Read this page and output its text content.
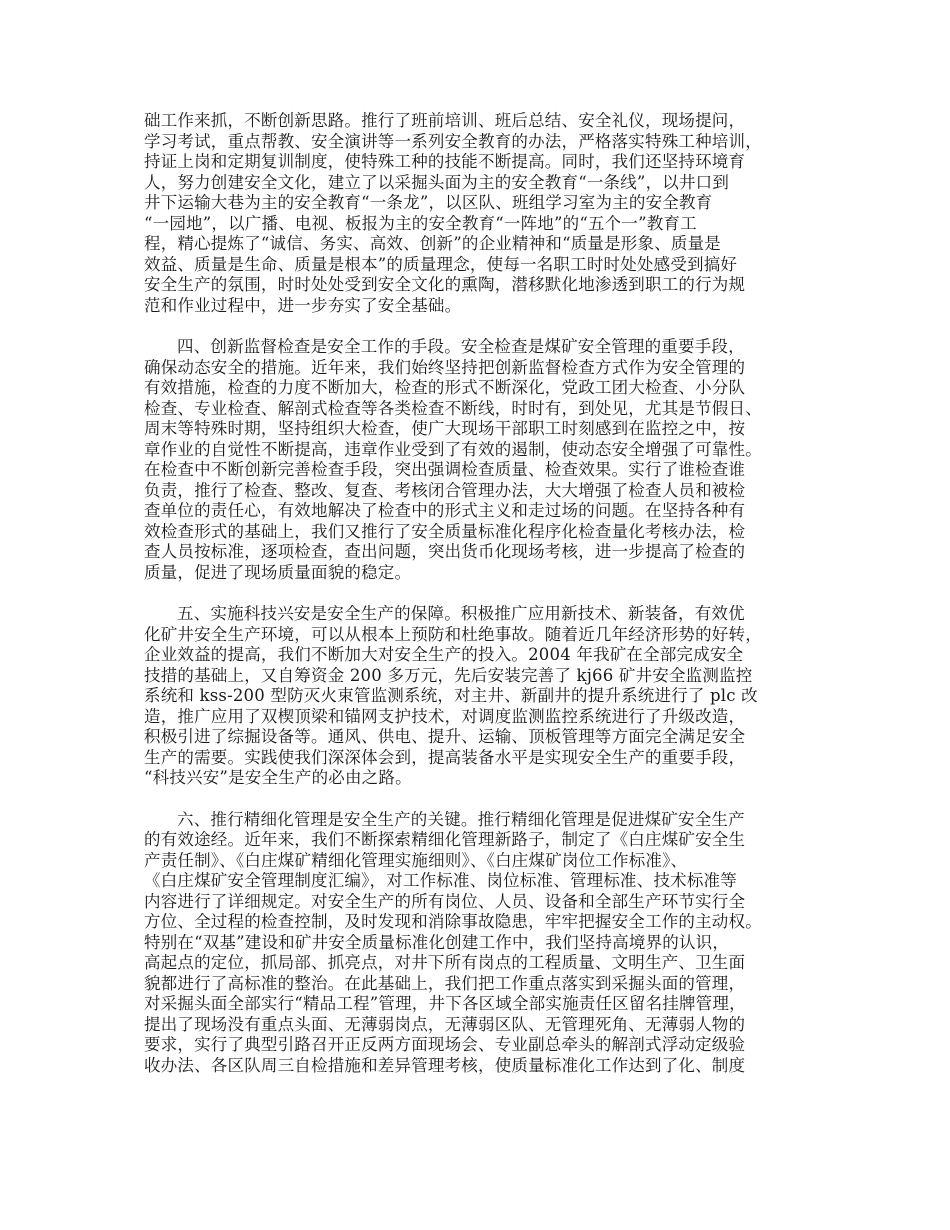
础工作来抓，不断创新思路。推行了班前培训、班后总结、安全礼仪，现场提问，
学习考试，重点帮教、安全演讲等一系列安全教育的办法，严格落实特殊工种培训，
持证上岗和定期复训制度，使特殊工种的技能不断提高。同时，我们还坚持环境育
人，努力创建安全文化，建立了以采掘头面为主的安全教育“一条线”，以井口到
井下运输大巷为主的安全教育“一条龙”，以区队、班组学习室为主的安全教育
“一园地”，以广播、电视、板报为主的安全教育“一阵地”的“五个一”教育工
程，精心提炼了“诚信、务实、高效、创新”的企业精神和“质量是形象、质量是
效益、质量是生命、质量是根本”的质量理念，使每一名职工时时处处感受到搞好
安全生产的氛围，时时处处受到安全文化的熏陶，潜移默化地渗透到职工的行为规
范和作业过程中，进一步夯实了安全基础。
四、创新监督检查是安全工作的手段。安全检查是煤矿安全管理的重要手段，
确保动态安全的措施。近年来，我们始终坚持把创新监督检查方式作为安全管理的
有效措施，检查的力度不断加大，检查的形式不断深化，党政工团大检查、小分队
检查、专业检查、解剖式检查等各类检查不断线，时时有，到处见，尤其是节假日、
周末等特殊时期，坚持组织大检查，使广大现场干部职工时刻感到在监控之中，按
章作业的自觉性不断提高，违章作业受到了有效的遏制，使动态安全增强了可靠性。
在检查中不断创新完善检查手段，突出强调检查质量、检查效果。实行了谁检查谁
负责，推行了检查、整改、复查、考核闭合管理办法，大大增强了检查人员和被检
查单位的责任心，有效地解决了检查中的形式主义和走过场的问题。在坚持各种有
效检查形式的基础上，我们又推行了安全质量标准化程序化检查量化考核办法，检
查人员按标准，逐项检查，查出问题，突出货币化现场考核，进一步提高了检查的
质量，促进了现场质量面貌的稳定。
五、实施科技兴安是安全生产的保障。积极推广应用新技术、新装备，有效优
化矿井安全生产环境，可以从根本上预防和杜绝事故。随着近几年经济形势的好转，
企业效益的提高，我们不断加大对安全生产的投入。2004 年我矿在全部完成安全
技措的基础上，又自筹资金 200 多万元，先后安装完善了 kj66 矿井安全监测监控
系统和 kss-200 型防灭火束管监测系统，对主井、新副井的提升系统进行了 plc 改
造，推广应用了双楔顶梁和锚网支护技术，对调度监测监控系统进行了升级改造，
积极引进了综掘设备等。通风、供电、提升、运输、顶板管理等方面完全满足安全
生产的需要。实践使我们深深体会到，提高装备水平是实现安全生产的重要手段，
“科技兴安”是安全生产的必由之路。
六、推行精细化管理是安全生产的关键。推行精细化管理是促进煤矿安全生产
的有效途经。近年来，我们不断探索精细化管理新路子，制定了《白庄煤矿安全生
产责任制》、《白庄煤矿精细化管理实施细则》、《白庄煤矿岗位工作标准》、
《白庄煤矿安全管理制度汇编》，对工作标准、岗位标准、管理标准、技术标准等
内容进行了详细规定。对安全生产的所有岗位、人员、设备和全部生产环节实行全
方位、全过程的检查控制，及时发现和消除事故隐患，牢牢把握安全工作的主动权。
特别在“双基”建设和矿井安全质量标准化创建工作中，我们坚持高境界的认识，
高起点的定位，抓局部、抓亮点，对井下所有岗点的工程质量、文明生产、卫生面
貌都进行了高标准的整治。在此基础上，我们把工作重点落实到采掘头面的管理，
对采掘头面全部实行“精品工程”管理，井下各区域全部实施责任区留名挂牌管理，
提出了现场没有重点头面、无薄弱岗点，无薄弱区队、无管理死角、无薄弱人物的
要求，实行了典型引路召开正反两方面现场会、专业副总牵头的解剖式浮动定级验
收办法、各区队周三自检措施和差异管理考核，使质量标准化工作达到了化、制度
